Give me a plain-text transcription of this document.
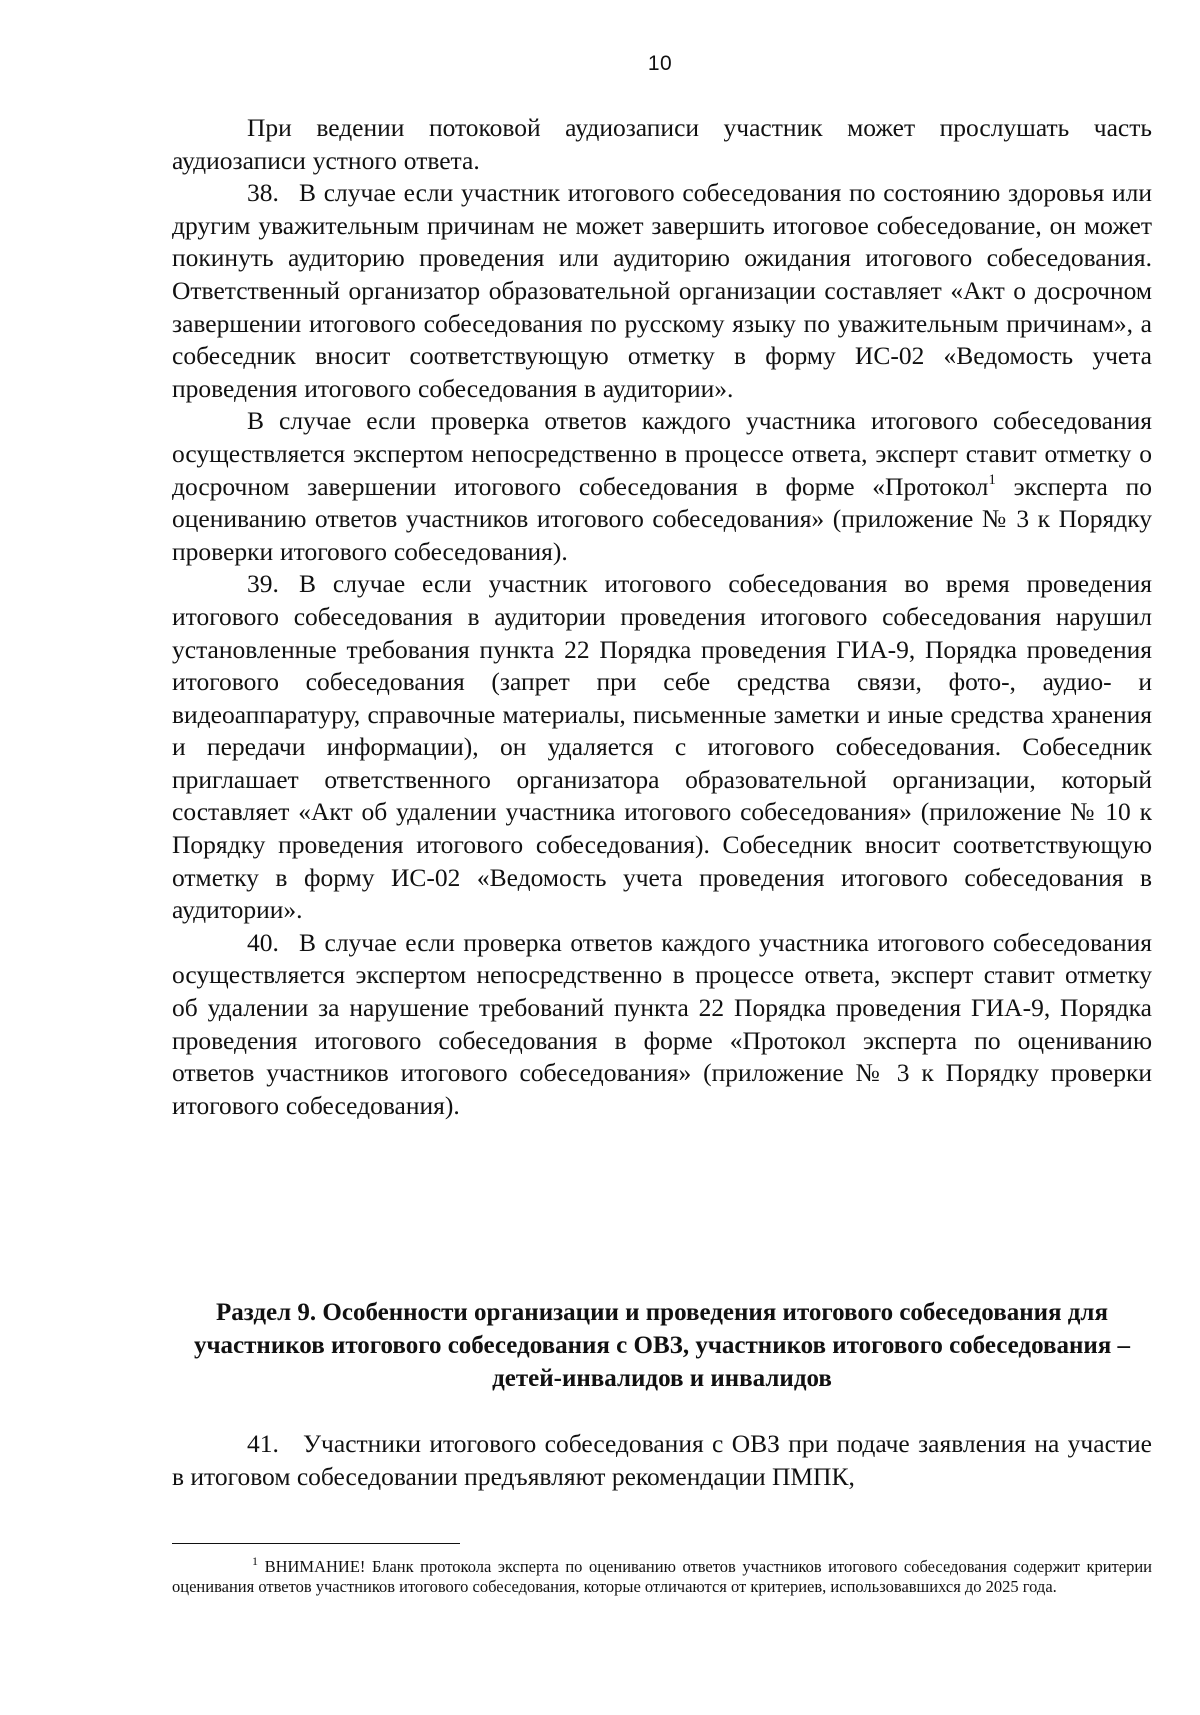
10

При ведении потоковой аудиозаписи участник может прослушать часть аудиозаписи устного ответа.

38. В случае если участник итогового собеседования по состоянию здоровья или другим уважительным причинам не может завершить итоговое собеседование, он может покинуть аудиторию проведения или аудиторию ожидания итогового собеседования. Ответственный организатор образовательной организации составляет «Акт о досрочном завершении итогового собеседования по русскому языку по уважительным причинам», а собеседник вносит соответствующую отметку в форму ИС-02 «Ведомость учета проведения итогового собеседования в аудитории».

В случае если проверка ответов каждого участника итогового собеседования осуществляется экспертом непосредственно в процессе ответа, эксперт ставит отметку о досрочном завершении итогового собеседования в форме «Протокол$^1$ эксперта по оцениванию ответов участников итогового собеседования» (приложение № 3 к Порядку проверки итогового собеседования).

39. В случае если участник итогового собеседования во время проведения итогового собеседования в аудитории проведения итогового собеседования нарушил установленные требования пункта 22 Порядка проведения ГИА-9, Порядка проведения итогового собеседования (запрет при себе средства связи, фото-, аудио- и видеоаппаратуру, справочные материалы, письменные заметки и иные средства хранения и передачи информации), он удаляется с итогового собеседования. Собеседник приглашает ответственного организатора образовательной организации, который составляет «Акт об удалении участника итогового собеседования» (приложение № 10 к Порядку проведения итогового собеседования). Собеседник вносит соответствующую отметку в форму ИС-02 «Ведомость учета проведения итогового собеседования в аудитории».

40. В случае если проверка ответов каждого участника итогового собеседования осуществляется экспертом непосредственно в процессе ответа, эксперт ставит отметку об удалении за нарушение требований пункта 22 Порядка проведения ГИА-9, Порядка проведения итогового собеседования в форме «Протокол эксперта по оцениванию ответов участников итогового собеседования» (приложение № 3 к Порядку проверки итогового собеседования).

Раздел 9. Особенности организации и проведения итогового собеседования для участников итогового собеседования с ОВЗ, участников итогового собеседования – детей-инвалидов и инвалидов

41. Участники итогового собеседования с ОВЗ при подаче заявления на участие в итоговом собеседовании предъявляют рекомендации ПМПК,

$^1$ ВНИМАНИЕ! Бланк протокола эксперта по оцениванию ответов участников итогового собеседования содержит критерии оценивания ответов участников итогового собеседования, которые отличаются от критериев, использовавшихся до 2025 года.
